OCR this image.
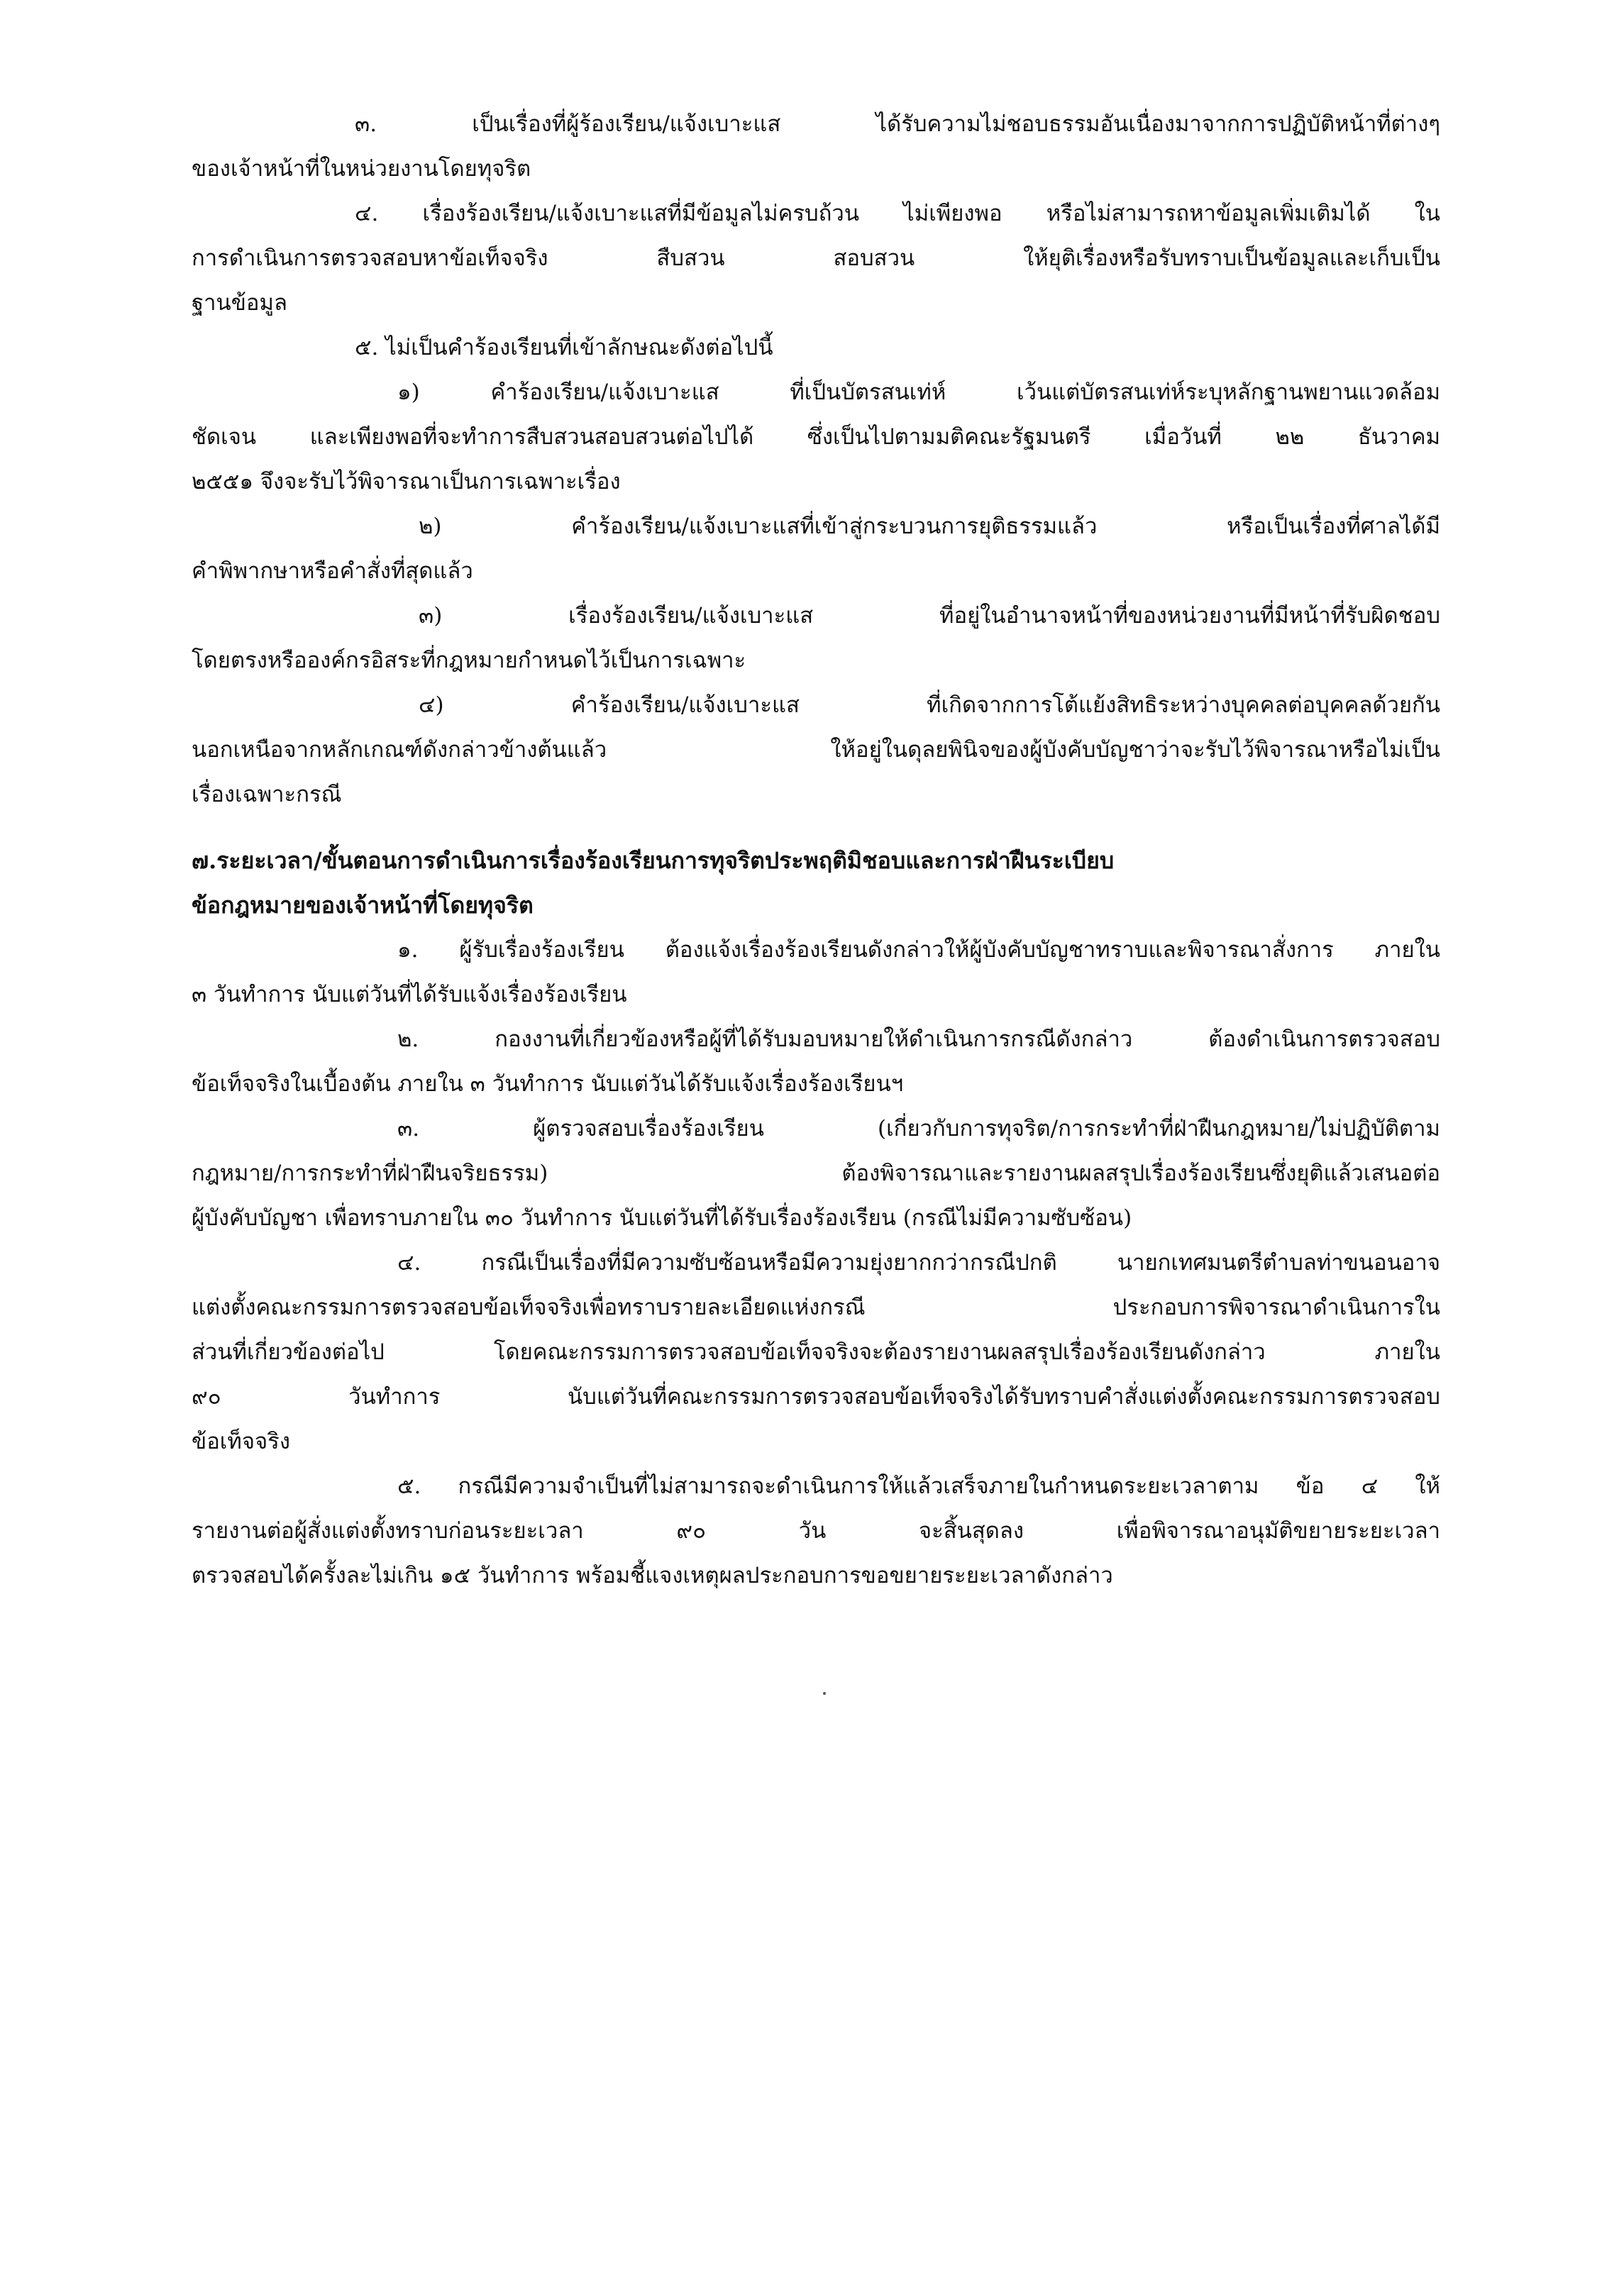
๓. เป็นเรื่องที่ผู้ร้องเรียน/แจ้งเบาะแส ได้รับความไม่ชอบธรรมอันเนื่องมาจากการปฏิบัติหน้าที่ต่างๆ
ของเจ้าหน้าที่ในหน่วยงานโดยทุจริต
๔. เรื่องร้องเรียน/แจ้งเบาะแสที่มีข้อมูลไม่ครบถ้วน ไม่เพียงพอ หรือไม่สามารถหาข้อมูลเพิ่มเติมได้ ใน
การดำเนินการตรวจสอบหาข้อเท็จจริง สืบสวน สอบสวน ให้ยุติเรื่องหรือรับทราบเป็นข้อมูลและเก็บเป็น
ฐานข้อมูล
๕. ไม่เป็นคำร้องเรียนที่เข้าลักษณะดังต่อไปนี้
๑) คำร้องเรียน/แจ้งเบาะแส ที่เป็นบัตรสนเท่ห์ เว้นแต่บัตรสนเท่ห์ระบุหลักฐานพยานแวดล้อม
ชัดเจน และเพียงพอที่จะทำการสืบสวนสอบสวนต่อไปได้ ซึ่งเป็นไปตามมติคณะรัฐมนตรี เมื่อวันที่ ๒๒ ธันวาคม
๒๕๕๑ จึงจะรับไว้พิจารณาเป็นการเฉพาะเรื่อง
๒) คำร้องเรียน/แจ้งเบาะแสที่เข้าสู่กระบวนการยุติธรรมแล้ว หรือเป็นเรื่องที่ศาลได้มี
คำพิพากษาหรือคำสั่งที่สุดแล้ว
๓) เรื่องร้องเรียน/แจ้งเบาะแส ที่อยู่ในอำนาจหน้าที่ของหน่วยงานที่มีหน้าที่รับผิดชอบ
โดยตรงหรือองค์กรอิสระที่กฎหมายกำหนดไว้เป็นการเฉพาะ
๔) คำร้องเรียน/แจ้งเบาะแส ที่เกิดจากการโต้แย้งสิทธิระหว่างบุคคลต่อบุคคลด้วยกัน
นอกเหนือจากหลักเกณฑ์ดังกล่าวข้างต้นแล้ว ให้อยู่ในดุลยพินิจของผู้บังคับบัญชาว่าจะรับไว้พิจารณาหรือไม่เป็น
เรื่องเฉพาะกรณี
๗.ระยะเวลา/ขั้นตอนการดำเนินการเรื่องร้องเรียนการทุจริตประพฤติมิชอบและการฝ่าฝืนระเบียบ
ข้อกฎหมายของเจ้าหน้าที่โดยทุจริต
๑. ผู้รับเรื่องร้องเรียน ต้องแจ้งเรื่องร้องเรียนดังกล่าวให้ผู้บังคับบัญชาทราบและพิจารณาสั่งการ ภายใน
๓ วันทำการ นับแต่วันที่ได้รับแจ้งเรื่องร้องเรียน
๒. กองงานที่เกี่ยวข้องหรือผู้ที่ได้รับมอบหมายให้ดำเนินการกรณีดังกล่าว ต้องดำเนินการตรวจสอบ
ข้อเท็จจริงในเบื้องต้น ภายใน ๓ วันทำการ นับแต่วันได้รับแจ้งเรื่องร้องเรียนฯ
๓. ผู้ตรวจสอบเรื่องร้องเรียน (เกี่ยวกับการทุจริต/การกระทำที่ฝ่าฝืนกฎหมาย/ไม่ปฏิบัติตาม
กฎหมาย/การกระทำที่ฝ่าฝืนจริยธรรม) ต้องพิจารณาและรายงานผลสรุปเรื่องร้องเรียนซึ่งยุติแล้วเสนอต่อ
ผู้บังคับบัญชา เพื่อทราบภายใน ๓๐ วันทำการ นับแต่วันที่ได้รับเรื่องร้องเรียน (กรณีไม่มีความซับซ้อน)
๔. กรณีเป็นเรื่องที่มีความซับซ้อนหรือมีความยุ่งยากกว่ากรณีปกติ นายกเทศมนตรีตำบลท่าขนอนอาจ
แต่งตั้งคณะกรรมการตรวจสอบข้อเท็จจริงเพื่อทราบรายละเอียดแห่งกรณี ประกอบการพิจารณาดำเนินการใน
ส่วนที่เกี่ยวข้องต่อไป โดยคณะกรรมการตรวจสอบข้อเท็จจริงจะต้องรายงานผลสรุปเรื่องร้องเรียนดังกล่าว ภายใน
๙๐ วันทำการ นับแต่วันที่คณะกรรมการตรวจสอบข้อเท็จจริงได้รับทราบคำสั่งแต่งตั้งคณะกรรมการตรวจสอบ
ข้อเท็จจริง
๕. กรณีมีความจำเป็นที่ไม่สามารถจะดำเนินการให้แล้วเสร็จภายในกำหนดระยะเวลาตาม ข้อ ๔ ให้
รายงานต่อผู้สั่งแต่งตั้งทราบก่อนระยะเวลา ๙๐ วัน จะสิ้นสุดลง เพื่อพิจารณาอนุมัติขยายระยะเวลา
ตรวจสอบได้ครั้งละไม่เกิน ๑๕ วันทำการ พร้อมชี้แจงเหตุผลประกอบการขอขยายระยะเวลาดังกล่าว
